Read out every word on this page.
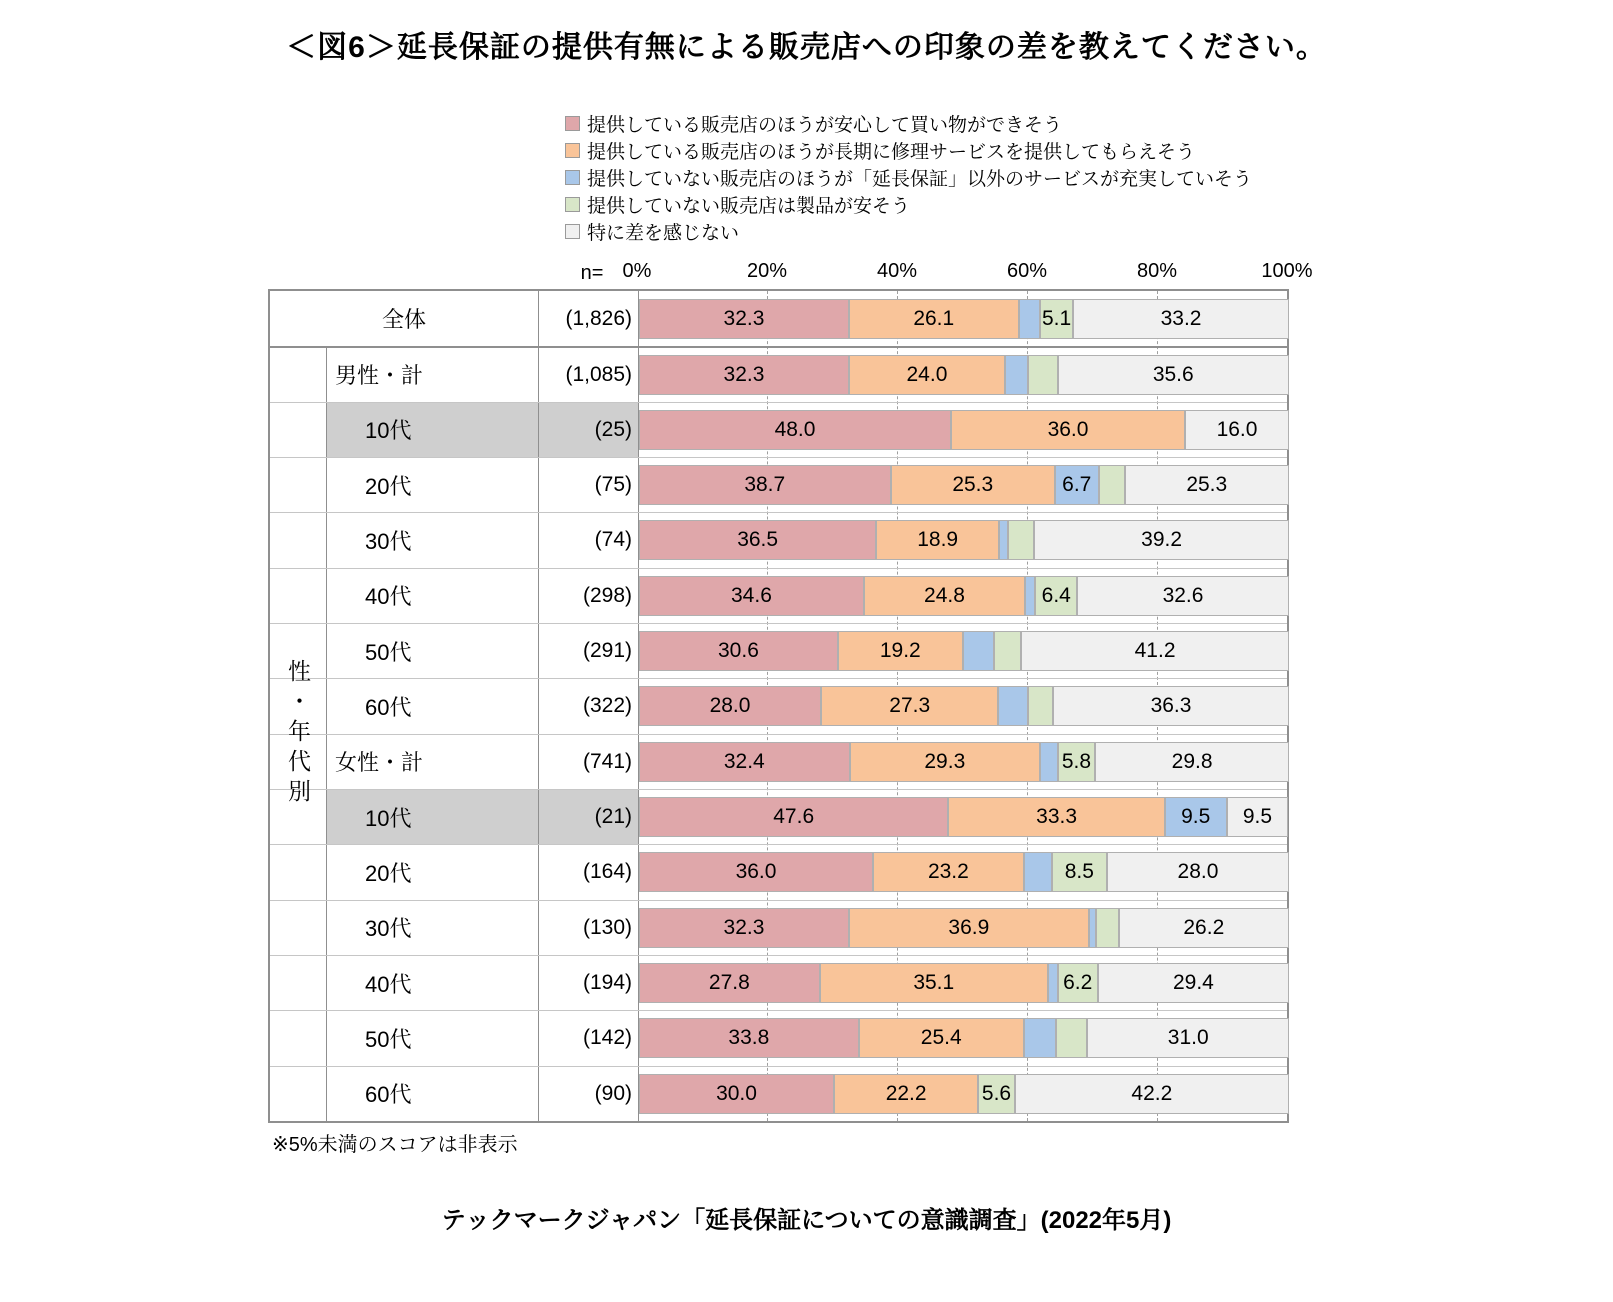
＜図6＞延長保証の提供有無による販売店への印象の差を教えてください。
提供している販売店のほうが安心して買い物ができそう
提供している販売店のほうが長期に修理サービスを提供してもらえそう
提供していない販売店のほうが「延長保証」以外のサービスが充実していそう
提供していない販売店は製品が安そう
特に差を感じない
n= 0%	20%	40%	60%	80%	100%
性・年代別
全体	(1,826)	32.3	26.1	5.1	33.2
男性・計	(1,085)	32.3	24.0	35.6
10代	(25)	48.0	36.0	16.0
20代	(75)	38.7	25.3	6.7	25.3
30代	(74)	36.5	18.9	39.2
40代	(298)	34.6	24.8	6.4	32.6
50代	(291)	30.6	19.2	41.2
60代	(322)	28.0	27.3	36.3
女性・計	(741)	32.4	29.3	5.8	29.8
10代	(21)	47.6	33.3	9.5	9.5
20代	(164)	36.0	23.2	8.5	28.0
30代	(130)	32.3	36.9	26.2
40代	(194)	27.8	35.1	6.2	29.4
50代	(142)	33.8	25.4	31.0
60代	(90)	30.0	22.2	5.6	42.2
※5%未満のスコアは非表示
テックマークジャパン「延長保証についての意識調査」(2022年5月)
